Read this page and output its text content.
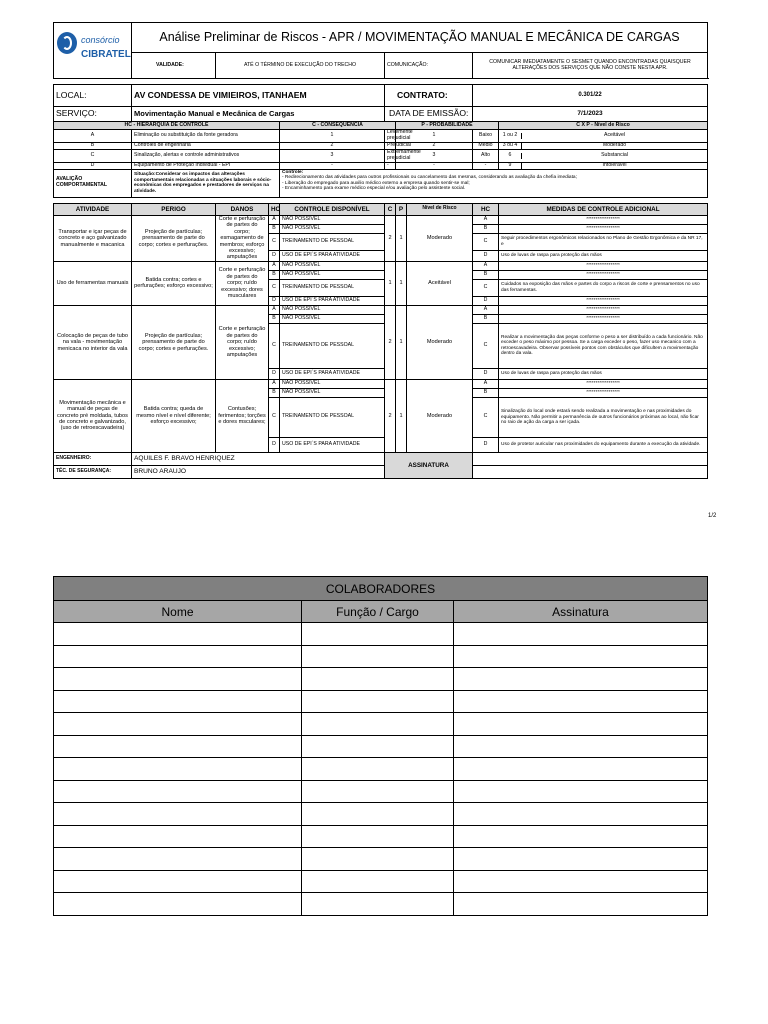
consórcio
CIBRATEL	Análise Preliminar de Riscos - APR / MOVIMENTAÇÃO MANUAL E MECÂNICA DE CARGAS								
	VALIDADE:	ATÉ O TÉRMINO DE EXECUÇÃO DO TRECHO			COMUNICAÇÃO:			COMUNICAR IMEDIATAMENTE O SESMET QUANDO ENCONTRADAS QUAISQUER ALTERAÇÕES DOS SERVIÇOS QUE NÃO CONSTE NESTA APR.	

LOCAL:	AV CONDESSA DE VIMIEIROS, ITANHAEM				CONTRATO:			0.301/22	
SERVIÇO:	Movimentação Manual e Mecânica de Cargas				DATA DE EMISSÃO:			7/1/2023	
HC - HIERARQUIA DE CONTROLE				C - CONSEQUÊNCIA		P - PROBABILIDADE			C X P - Nível de Risco
A	Eliminação ou substituição da fonte geradora			1	Levemente prejudicial	1		Baixo	1 ou 2 Aceitável

B	Controles de engenharia			2	Prejudicial	2		Médio	3 ou 4 Moderado

C	Sinalização, alertas e controle administrativos			3	Extremamente prejudicial	3		Alto	6 Substancial

D	Equipamento de Proteção Individual - EPI			-	-	-		-	9 Intolerável

AVALIÇÃO COMPORTAMENTAL	Situação:Considerar os impactos das alterações comportamentais relacionadas a situações laborais e sócio-econômicas dos empregados e prestadores de serviços na atividade.			Controle:
- Redirecionamento das atividades para outros profissionais ou cancelamento das mesmas, considerando as avaliação da chefia imediata;
- Liberação do empregado para auxilio médico externo a empresa quando sentir-se mal;
- Encaminhamento para exame médico especial e/ou avaliação pelo assistente social.					

ATIVIDADE	PERIGO	DANOS	HC	CONTROLE DISPONÍVEL	C	P	Nível de Risco	HC	MEDIDAS DE CONTROLE ADICIONAL
Transportar e içar peças de concreto e aço galvanizado manualmente e macanica	Projeção de partículas; prensamento de parte do corpo; cortes e perfurações.	Corte e perfuração de partes do corpo; esmagamento de membros; esforço excessivo; amputações	A	NÃO POSSÍVEL	2	1	Moderado	A	******************
			B	NÃO POSSÍVEL				B	******************
			C	TREINAMENTO DE PESSOAL				C	Seguir procedimentos ergonômicos relacionados no Plano de Gestão Ergonômica e da NR 17, e
			D	USO DE EPI´S PARA ATIVIDADE				D	Uso de luvas de raspa para proteção das mãos
Uso de ferramentas manuais	Batida contra; cortes e perfurações; esforço excessivo;	Corte e perfuração de partes do corpo; ruído excessivo; dores musculares	A	NÃO POSSÍVEL	1	1	Aceitável	A	******************
			B	NÃO POSSÍVEL				B	******************
			C	TREINAMENTO DE PESSOAL				C	Cuidados na exposição das mãos e partes do corpo a riscos de corte e prensamentos no uso das ferramentas.
			D	USO DE EPI´S PARA ATIVIDADE				D	******************
Colocação de peças de tubo na vala - movimentação menicaca no interior da vala	Projeção de partículas; prensamento de parte do corpo; cortes e perfurações.	Corte e perfuração de partes do corpo; ruído excessivo; amputações	A	NÃO POSSÍVEL	2	1	Moderado	A	******************
			B	NÃO POSSÍVEL				B	******************
			C	TREINAMENTO DE PESSOAL				C	Realizar a movimentação das peças conforme o peso a ser distribuído a cada funcionário. Não exceder o peso máximo por pessoa. Se a carga exceder o peso, fazer uso mecanico com a retroescavadeira. Observar possíveis pontos com obstáculos que dificultem a movimentação dentro da vala.
			D	USO DE EPI´S PARA ATIVIDADE				D	Uso de luvas de raspa para proteção das mãos
Movimentação mecânica e manual de peças de concreto pré moldada, tubos de concreto e galvanizado, (uso de retroescavadeira)	Batida contra; queda de mesmo nível e nível diferente; esforço excessivo;	Contusões; ferimentos; torções e dores msculares;	A	NÃO POSSÍVEL	2	1	Moderado	A	******************
			B	NÃO POSSÍVEL				B	******************
			C	TREINAMENTO DE PESSOAL				C	Sinalização do local onde estará sendo realizada a movimentação e nas proximidades do equipamento. Não permitir a permanência de outros funcionários próximas ao local, não ficar no raio de ação da carga a ser içada.
			D	USO DE EPI´S PARA ATIVIDADE				D	Uso de protetor auricular nas proximidades do equipamento durante a execução da atividade.
ENGENHEIRO:	AQUILES F. BRAVO HENRIQUEZ				ASSINATURA				
TÉC. DE SEGURANÇA:	BRUNO ARAUJO								
1/2
COLABORADORES		
Nome	Função / Cargo	Assinatura
